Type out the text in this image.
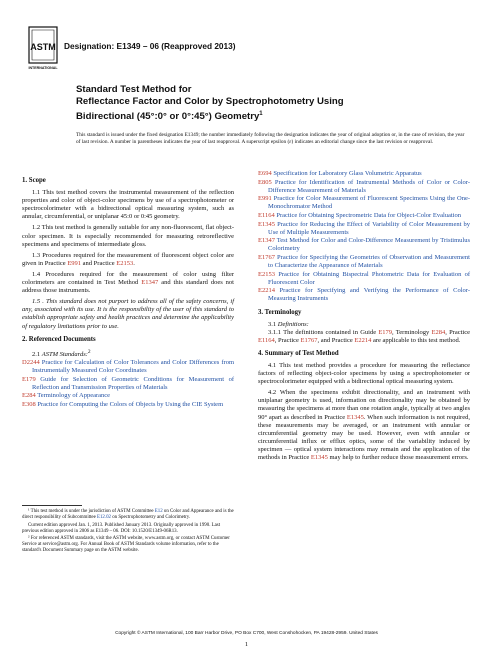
ASTM
INTERNATIONAL
Designation: E1349 – 06 (Reapproved 2013)
Standard Test Method for
Reflectance Factor and Color by Spectrophotometry Using
Bidirectional (45°:0° or 0°:45°) Geometry$^1$
This standard is issued under the fixed designation E1349; the number immediately following the designation indicates the year of original adoption or, in the case of revision, the year of last revision. A number in parentheses indicates the year of last reapproval. A superscript epsilon (ε) indicates an editorial change since the last revision or reapproval.
1. Scope
1.1 This test method covers the instrumental measurement of the reflection properties and color of object-color specimens by use of a spectrophotometer or spectrocolorimeter with a bidirectional optical measuring system, such as annular, circumferential, or uniplanar 45:0 or 0:45 geometry.
1.2 This test method is generally suitable for any non-fluorescent, flat object-color specimen. It is especially recommended for measuring retroreflective specimens and specimens of intermediate gloss.
1.3 Procedures required for the measurement of fluorescent object color are given in Practice E991 and Practice E2153.
1.4 Procedures required for the measurement of color using filter colorimeters are contained in Test Method E1347 and this standard does not address those instruments.
1.5 . This standard does not purport to address all of the safety concerns, if any, associated with its use. It is the responsibility of the user of this standard to establish appropriate safety and health practices and determine the applicability of regulatory limitations prior to use.
2. Referenced Documents
2.1 ASTM Standards:$^2$
D2244 Practice for Calculation of Color Tolerances and Color Differences from Instrumentally Measured Color Coordinates
E179 Guide for Selection of Geometric Conditions for Measurement of Reflection and Transmission Properties of Materials
E284 Terminology of Appearance
E308 Practice for Computing the Colors of Objects by Using the CIE System

¹ This test method is under the jurisdiction of ASTM Committee E12 on Color and Appearance and is the direct responsibility of Subcommittee E12.02 on Spectrophotometry and Colorimetry.

Current edition approved Jan. 1, 2013. Published January 2013. Originally approved in 1990. Last previous edition approved in 2006 as E1349 – 06. DOI: 10.1520/E1349-06R13.

² For referenced ASTM standards, visit the ASTM website, www.astm.org, or contact ASTM Customer Service at service@astm.org. For Annual Book of ASTM Standards volume information, refer to the standard's Document Summary page on the ASTM website.

E694 Specification for Laboratory Glass Volumetric Apparatus
E805 Practice for Identification of Instrumental Methods of Color or Color-Difference Measurement of Materials
E991 Practice for Color Measurement of Fluorescent Specimens Using the One-Monochromator Method
E1164 Practice for Obtaining Spectrometric Data for Object-Color Evaluation
E1345 Practice for Reducing the Effect of Variability of Color Measurement by Use of Multiple Measurements
E1347 Test Method for Color and Color-Difference Measurement by Tristimulus Colorimetry
E1767 Practice for Specifying the Geometries of Observation and Measurement to Characterize the Appearance of Materials
E2153 Practice for Obtaining Bispectral Photometric Data for Evaluation of Fluorescent Color
E2214 Practice for Specifying and Verifying the Performance of Color-Measuring Instruments
3. Terminology
3.1 Definitions:
3.1.1 The definitions contained in Guide E179, Terminology E284, Practice E1164, Practice E1767, and Practice E2214 are applicable to this test method.
4. Summary of Test Method
4.1 This test method provides a procedure for measuring the reflectance factors of reflecting object-color specimens by using a spectrophotometer or spectrocolorimeter equipped with a bidirectional optical measuring system.
4.2 When the specimens exhibit directionality, and an instrument with uniplanar geometry is used, information on directionality may be obtained by measuring the specimens at more than one rotation angle, typically at two angles 90° apart as described in Practice E1345. When such information is not required, these measurements may be averaged, or an instrument with annular or circumferential geometry may be used. However, even with annular or circumferential influx or efflux optics, some of the variability induced by specimen — optical system interactions may remain and the application of the methods in Practice E1345 may help to further reduce those measurement errors.
Copyright © ASTM International, 100 Barr Harbor Drive, PO Box C700, West Conshohocken, PA 19428-2959. United States
1
